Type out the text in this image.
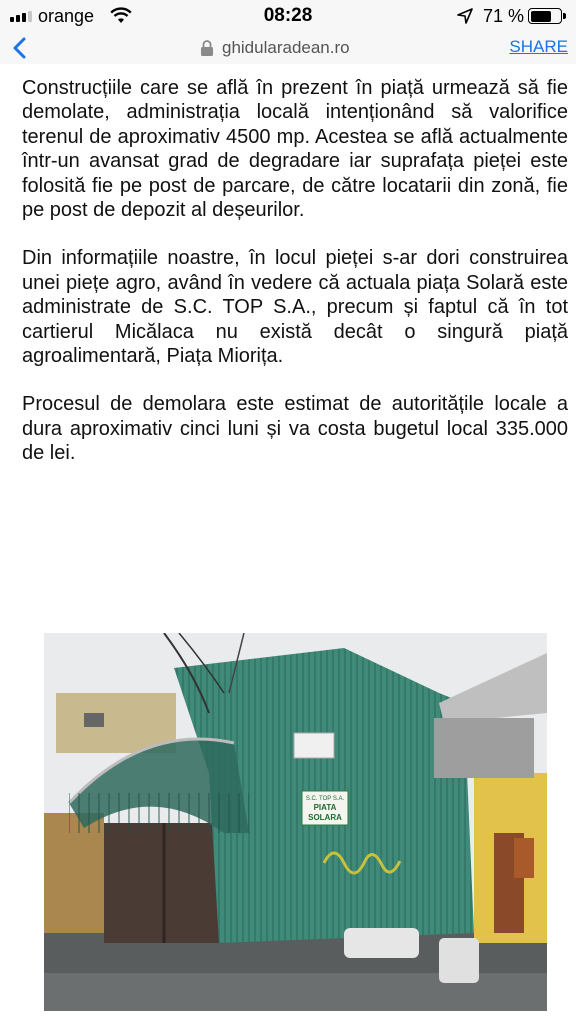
orange	08:28	71 %
ghidularadean.ro	SHARE

Construcțiile care se află în prezent în piață urmează să fie demolate, administrația locală intenționând să valorifice terenul de aproximativ 4500 mp. Acestea se află actualmente într-un avansat grad de degradare iar suprafața pieței este folosită fie pe post de parcare, de către locatarii din zonă, fie pe post de depozit al deșeurilor.

Din informațiile noastre, în locul pieței s-ar dori construirea unei piețe agro, având în vedere că actuala piața Solară este administrate de S.C. TOP S.A., precum și faptul că în tot cartierul Micălaca nu există decât o singură piață agroalimentară, Piața Miorița.

Procesul de demolara este estimat de autoritățile locale a dura aproximativ cinci luni și va costa bugetul local 335.000 de lei.

S.C. TOP S.A.
PIATA
SOLARA
